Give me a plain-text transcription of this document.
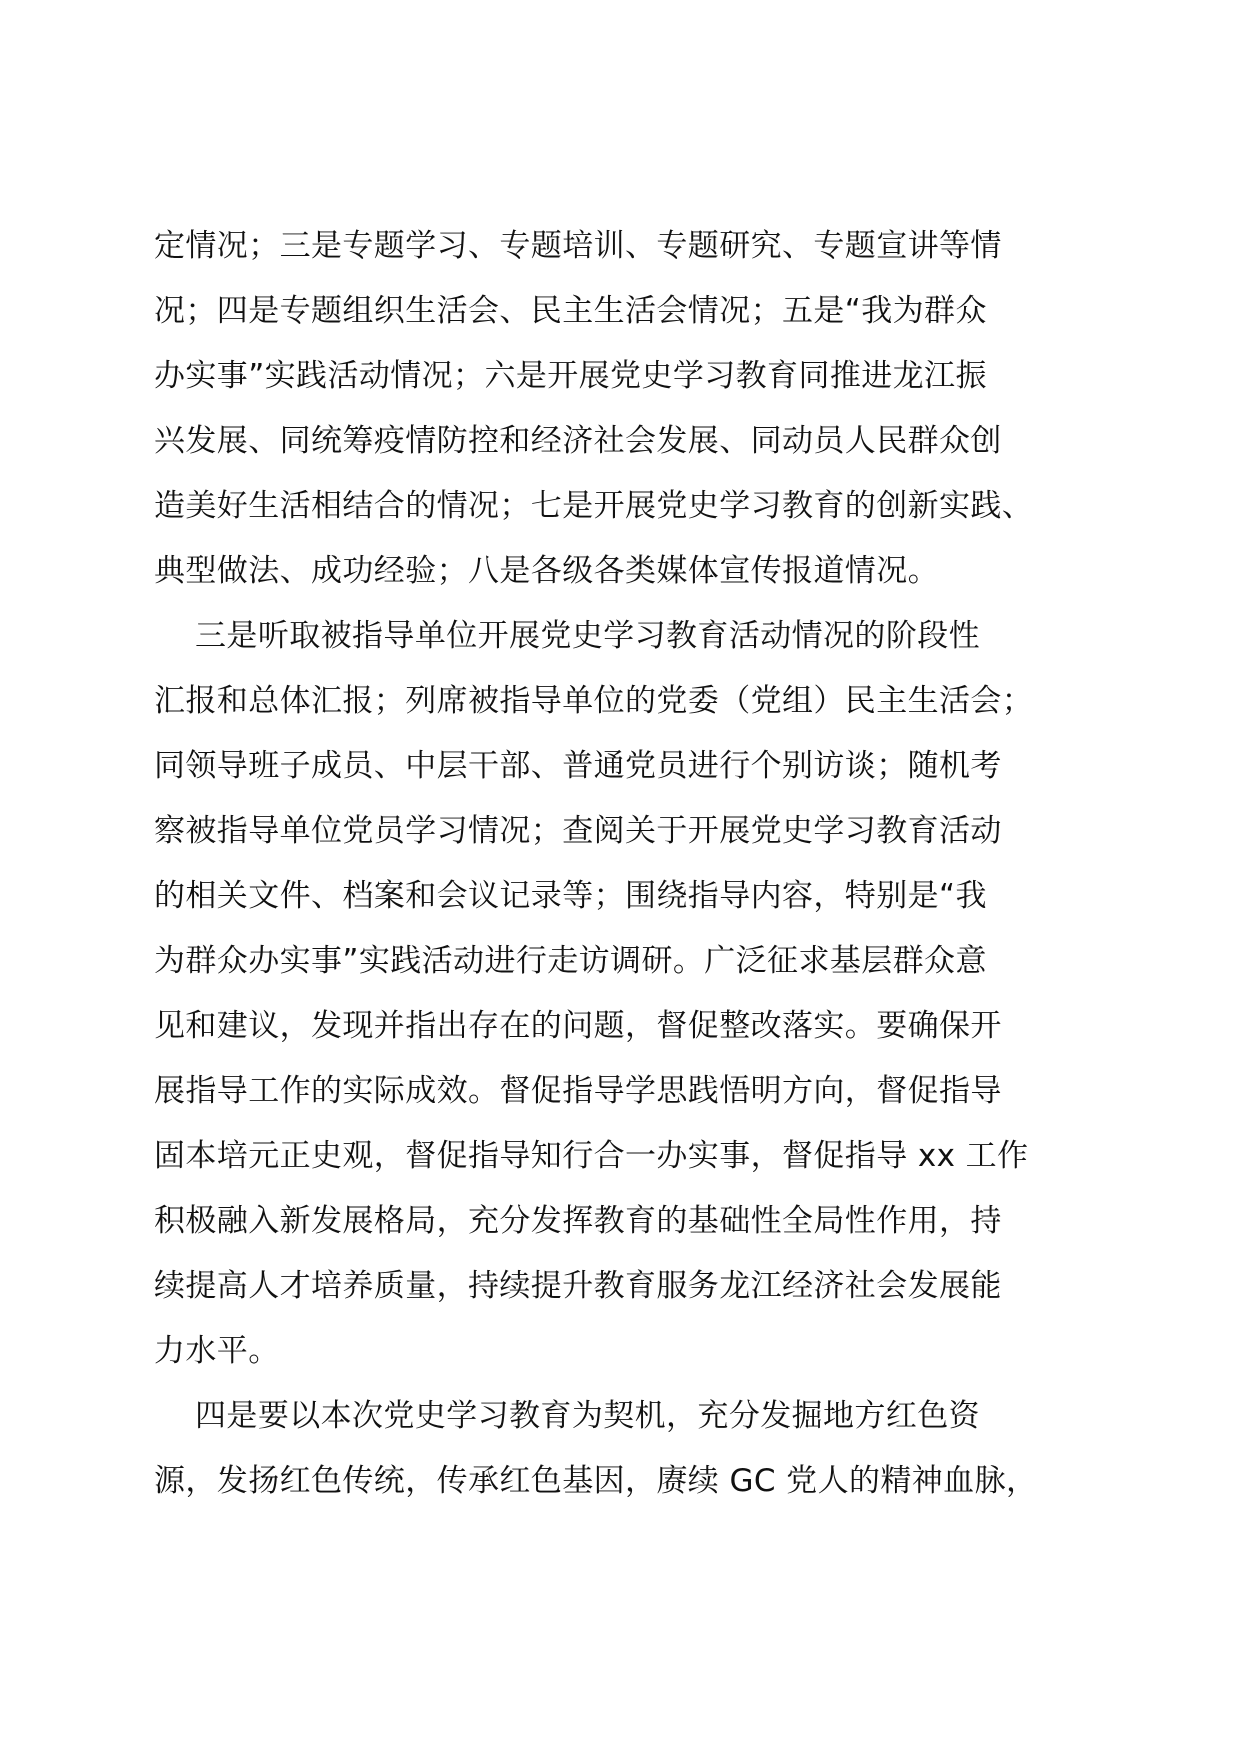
定情况；三是专题学习、专题培训、专题研究、专题宣讲等情
况；四是专题组织生活会、民主生活会情况；五是“我为群众
办实事”实践活动情况；六是开展党史学习教育同推进龙江振
兴发展、同统筹疫情防控和经济社会发展、同动员人民群众创
造美好生活相结合的情况；七是开展党史学习教育的创新实践、
典型做法、成功经验；八是各级各类媒体宣传报道情况。
三是听取被指导单位开展党史学习教育活动情况的阶段性
汇报和总体汇报；列席被指导单位的党委（党组）民主生活会；
同领导班子成员、中层干部、普通党员进行个别访谈；随机考
察被指导单位党员学习情况；查阅关于开展党史学习教育活动
的相关文件、档案和会议记录等；围绕指导内容，特别是“我
为群众办实事”实践活动进行走访调研。广泛征求基层群众意
见和建议，发现并指出存在的问题，督促整改落实。要确保开
展指导工作的实际成效。督促指导学思践悟明方向，督促指导
固本培元正史观，督促指导知行合一办实事，督促指导 xx 工作
积极融入新发展格局，充分发挥教育的基础性全局性作用，持
续提高人才培养质量，持续提升教育服务龙江经济社会发展能
力水平。
四是要以本次党史学习教育为契机，充分发掘地方红色资
源，发扬红色传统，传承红色基因，赓续 GC 党人的精神血脉，
